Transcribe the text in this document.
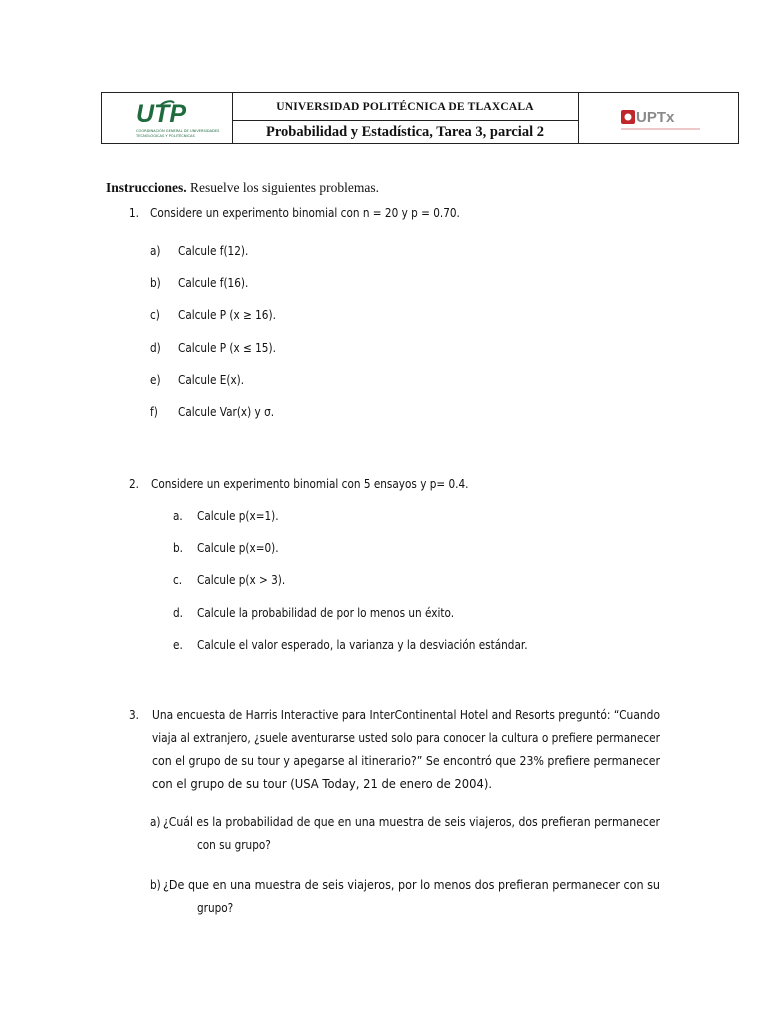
UTP
COORDINACIÓN GENERAL DE UNIVERSIDADES
TECNOLÓGICAS Y POLITÉCNICAS
UNIVERSIDAD POLITÉCNICA DE TLAXCALA
Probabilidad y Estadística, Tarea 3, parcial 2
UPTx
Instrucciones. Resuelve los siguientes problemas.
1. Considere un experimento binomial con n = 20 y p = 0.70.
a) Calcule f(12).
b) Calcule f(16).
c) Calcule P (x ≥ 16).
d) Calcule P (x ≤ 15).
e) Calcule E(x).
f) Calcule Var(x) y σ.
2. Considere un experimento binomial con 5 ensayos y p= 0.4.
a. Calcule p(x=1).
b. Calcule p(x=0).
c. Calcule p(x > 3).
d. Calcule la probabilidad de por lo menos un éxito.
e. Calcule el valor esperado, la varianza y la desviación estándar.
3. Una encuesta de Harris Interactive para InterContinental Hotel and Resorts preguntó: “Cuando
viaja al extranjero, ¿suele aventurarse usted solo para conocer la cultura o prefiere permanecer
con el grupo de su tour y apegarse al itinerario?” Se encontró que 23% prefiere permanecer
con el grupo de su tour (USA Today, 21 de enero de 2004).
a) ¿Cuál es la probabilidad de que en una muestra de seis viajeros, dos prefieran permanecer
con su grupo?
b) ¿De que en una muestra de seis viajeros, por lo menos dos prefieran permanecer con su
grupo?
